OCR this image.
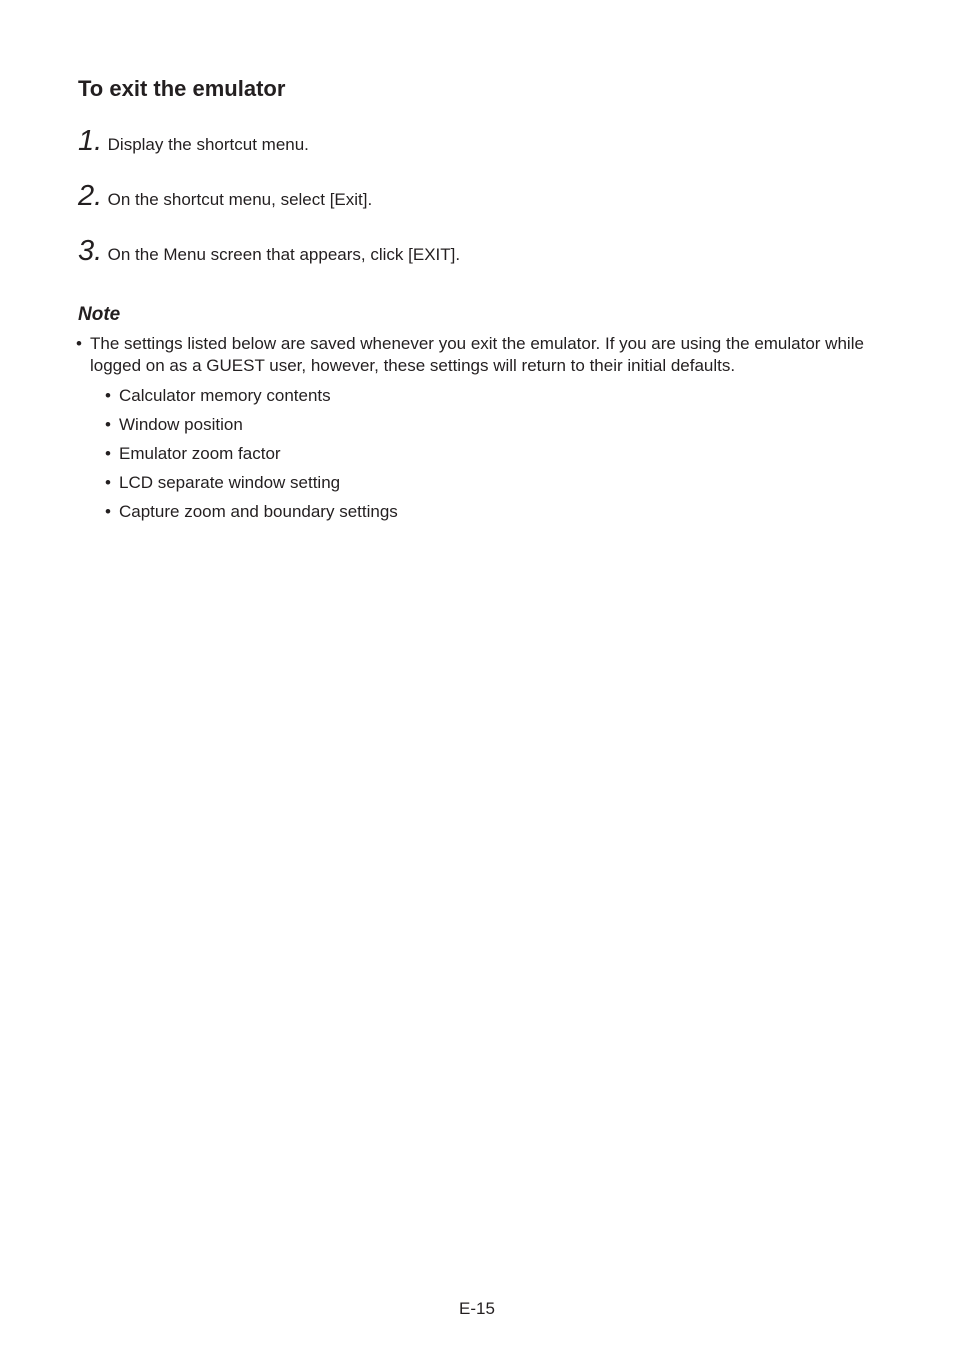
To exit the emulator
1. Display the shortcut menu.
2. On the shortcut menu, select [Exit].
3. On the Menu screen that appears, click [EXIT].
Note
• The settings listed below are saved whenever you exit the emulator. If you are using the emulator while logged on as a GUEST user, however, these settings will return to their initial defaults.
• Calculator memory contents
• Window position
• Emulator zoom factor
• LCD separate window setting
• Capture zoom and boundary settings
E-15
